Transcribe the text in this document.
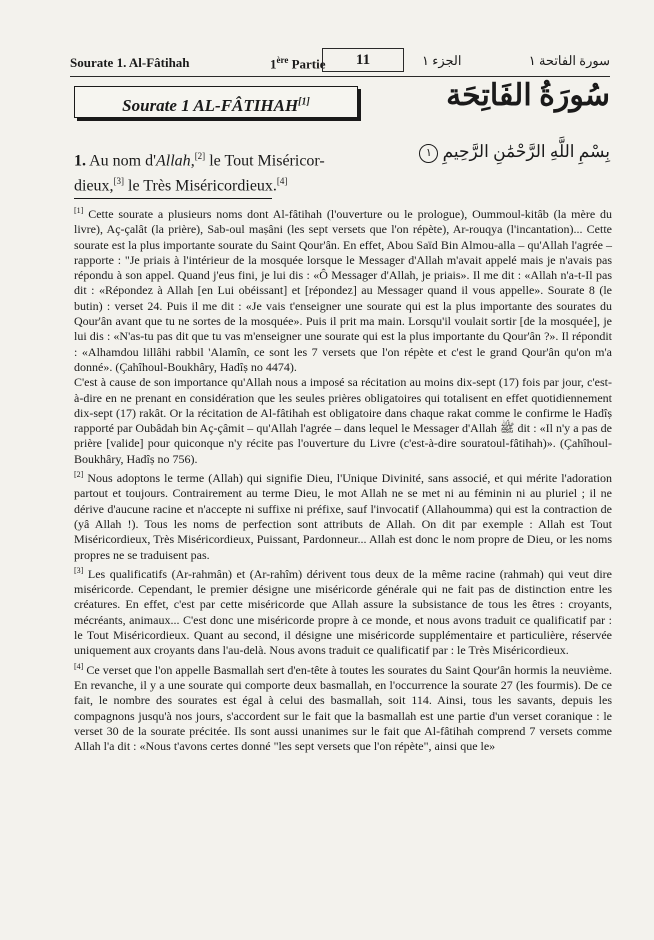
Sourate 1. Al-Fâtihah	1ère Partie	11	الجزء ١	سورة الفاتحة ١
Sourate 1 AL-FÂTIHAH[1]	سُورَةُ الفَاتِحَة
1. Au nom d'Allah,[2] le Tout Miséricor-dieux,[3] le Très Miséricordieux.[4]
بِسْمِ اللَّهِ الرَّحْمَٰنِ الرَّحِيمِ ١

[1] Cette sourate a plusieurs noms dont Al-fâtihah (l'ouverture ou le prologue), Oummoul-kitâb (la mère du livre), Aç-çalât (la prière), Sab-oul maṣâni (les sept versets que l'on répète), Ar-rouqya (l'incantation)... Cette sourate est la plus importante sourate du Saint Qour'ân. En effet, Abou Saïd Bin Almou-alla – qu'Allah l'agrée – rapporte : "Je priais à l'intérieur de la mosquée lorsque le Messager d'Allah m'avait appelé mais je n'avais pas répondu à son appel. Quand j'eus fini, je lui dis : «Ô Messager d'Allah, je priais». Il me dit : «Allah n'a-t-Il pas dit : «Répondez à Allah [en Lui obéissant] et [répondez] au Messager quand il vous appelle». Sourate 8 (le butin) : verset 24. Puis il me dit : «Je vais t'enseigner une sourate qui est la plus importante des sourates du Qour'ân avant que tu ne sortes de la mosquée». Puis il prit ma main. Lorsqu'il voulait sortir [de la mosquée], je lui dis : «N'as-tu pas dit que tu vas m'enseigner une sourate qui est la plus importante du Qour'ân ?». Il répondit : «Alhamdou lillâhi rabbil 'Alamîn, ce sont les 7 versets que l'on répète et c'est le grand Qour'ân qu'on m'a donné». (Çahîhoul-Boukhâry, Hadîṣ no 4474).

C'est à cause de son importance qu'Allah nous a imposé sa récitation au moins dix-sept (17) fois par jour, c'est-à-dire en ne prenant en considération que les seules prières obligatoires qui totalisent en effet quotidiennement dix-sept (17) rakât. Or la récitation de Al-fâtihah est obligatoire dans chaque rakat comme le confirme le Hadîṣ rapporté par Oubâdah bin Aç-çâmit – qu'Allah l'agrée – dans lequel le Messager d'Allah ﷺ dit : «Il n'y a pas de prière [valide] pour quiconque n'y récite pas l'ouverture du Livre (c'est-à-dire souratoul-fâtihah)». (Çahîhoul-Boukhâry, Hadîṣ no 756).

[2] Nous adoptons le terme (Allah) qui signifie Dieu, l'Unique Divinité, sans associé, et qui mérite l'adoration partout et toujours. Contrairement au terme Dieu, le mot Allah ne se met ni au féminin ni au pluriel ; il ne dérive d'aucune racine et n'accepte ni suffixe ni préfixe, sauf l'invocatif (Allahoumma) qui est la contraction de (yâ Allah !). Tous les noms de perfection sont attributs de Allah. On dit par exemple : Allah est Tout Miséricordieux, Très Miséricordieux, Puissant, Pardonneur... Allah est donc le nom propre de Dieu, or les noms propres ne se traduisent pas.

[3] Les qualificatifs (Ar-rahmân) et (Ar-rahîm) dérivent tous deux de la même racine (rahmah) qui veut dire miséricorde. Cependant, le premier désigne une miséricorde générale qui ne fait pas de distinction entre les créatures. En effet, c'est par cette miséricorde que Allah assure la subsistance de tous les êtres : croyants, mécréants, animaux... C'est donc une miséricorde propre à ce monde, et nous avons traduit ce qualificatif par : le Tout Miséricordieux. Quant au second, il désigne une miséricorde supplémentaire et particulière, réservée uniquement aux croyants dans l'au-delà. Nous avons traduit ce qualificatif par : le Très Miséricordieux.

[4] Ce verset que l'on appelle Basmallah sert d'en-tête à toutes les sourates du Saint Qour'ân hormis la neuvième. En revanche, il y a une sourate qui comporte deux basmallah, en l'occurrence la sourate 27 (les fourmis). De ce fait, le nombre des sourates est égal à celui des basmallah, soit 114. Ainsi, tous les savants, depuis les compagnons jusqu'à nos jours, s'accordent sur le fait que la basmallah est une partie d'un verset coranique : le verset 30 de la sourate précitée. Ils sont aussi unanimes sur le fait que Al-fâtihah comprend 7 versets comme Allah l'a dit : «Nous t'avons certes donné "les sept versets que l'on répète", ainsi que le»
